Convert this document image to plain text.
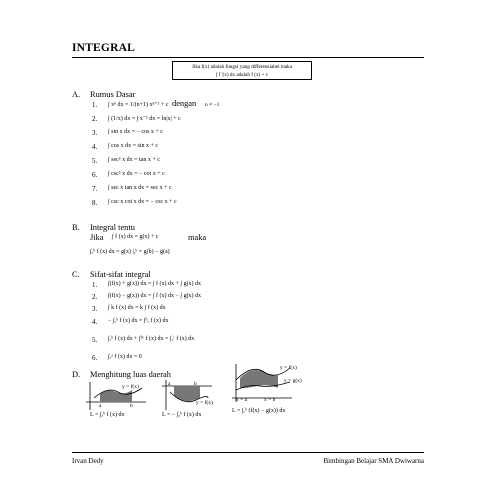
INTEGRAL
Jika f(x) adalah fungsi yang differensiabel maka
∫ f '(x) dx adalah f (x) + c
A. Rumus Dasar
1. ∫ xⁿ dx = 1/(n+1) xⁿ⁺¹ + c dengan n ≠ −1
2. ∫ (1/x) dx = ∫ x⁻¹ dx = ln|x| + c
3. ∫ sin x dx = − cos x + c
4. ∫ cos x dx = sin x + c
5. ∫ sec² x dx = tan x + c
6. ∫ csc² x dx = − cot x + c
7. ∫ sec x tan x dx = sec x + c
8. ∫ csc x cot x dx = − csc x + c
B. Integral tentu
Jika ∫ f (x) dx = g(x) + c	maka
∫ₐᵇ f (x) dx = g(x) |ₐᵇ = g(b) − g(a)
C. Sifat-sifat integral
1. ∫(f(x) + g(x)) dx = ∫ f (x) dx + ∫ g(x) dx
2. ∫(f(x) − g(x)) dx = ∫ f (x) dx − ∫ g(x) dx
3. ∫ k f (x) dx = k ∫ f (x) dx
4. − ∫ₐᵇ f (x) dx = ∫ᵇₐ f (x) dx
5. ∫ₐᵇ f (x) dx + ∫ᵇᶜ f (x) dx = ∫ₐᶜ f (x) dx
6. ∫ₐᵃ f (x) dx = 0
D. Menghitung luas daerah
y = f(x)
a	b
L = ∫ₐᵇ f (x) dx
a	b
y = f(x)
L = − ∫ₐᵇ f (x) dx
y = f(x)
y = g(x)
x = a	x = b
L = ∫ₐᵇ (f(x) − g(x)) dx
Irvan Dedy	Bimbingan Belajar SMA Dwiwarna
